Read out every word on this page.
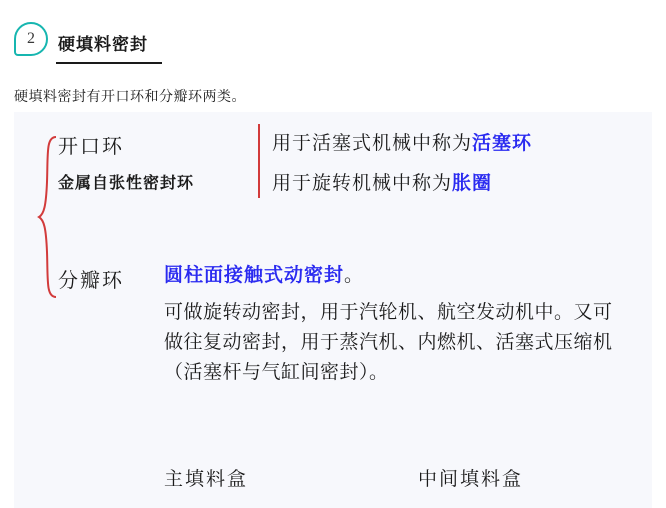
2	硬填料密封
硬填料密封有开口环和分瓣环两类。
开口环
金属自张性密封环
分瓣环
用于活塞式机械中称为活塞环
用于旋转机械中称为胀圈
圆柱面接触式动密封。
可做旋转动密封，用于汽轮机、航空发动机中。又可做往复动密封，用于蒸汽机、内燃机、活塞式压缩机（活塞杆与气缸间密封）。
主填料盒	中间填料盒
